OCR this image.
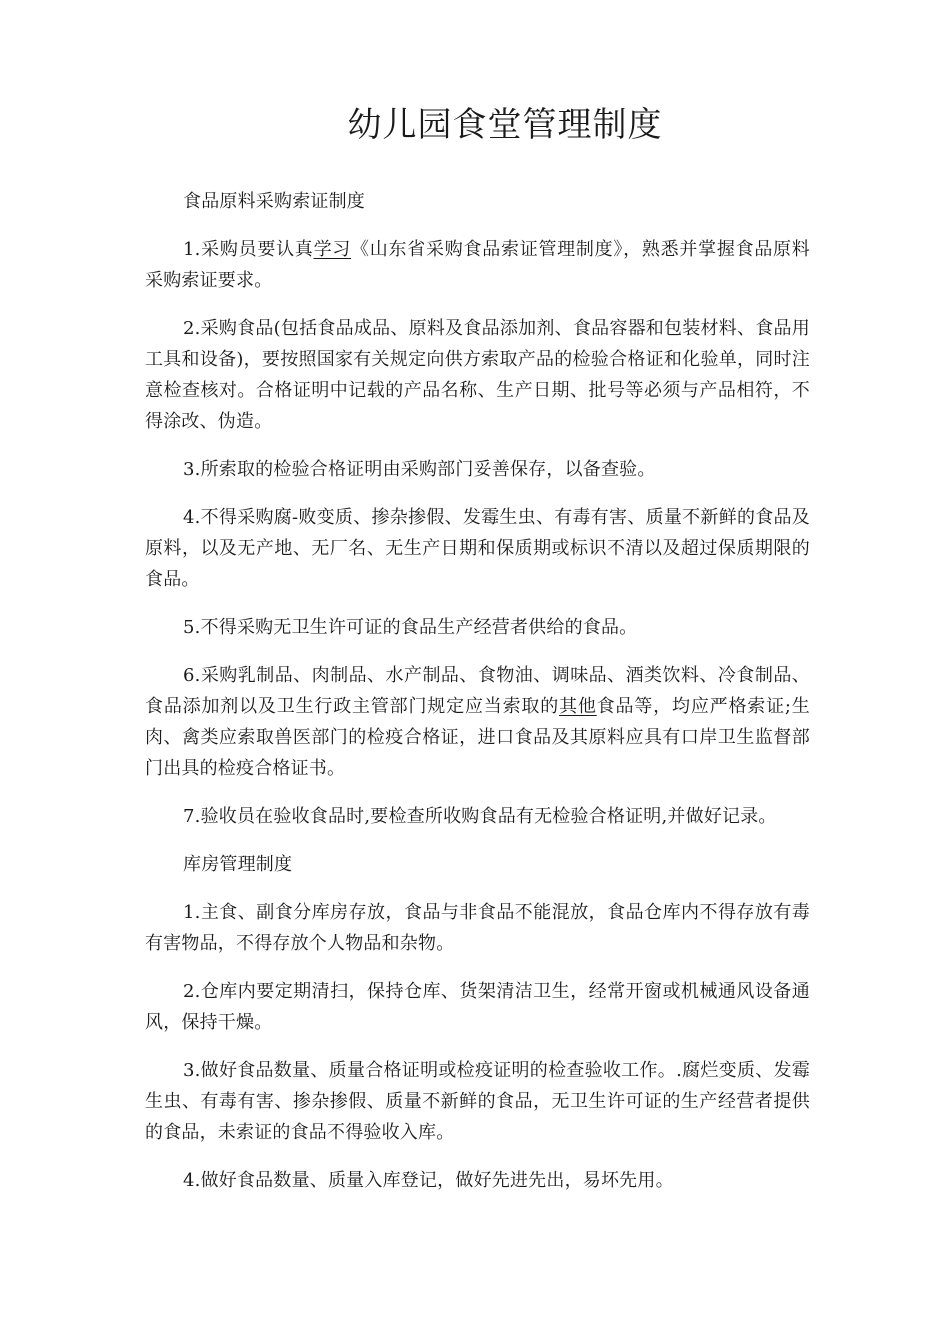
幼儿园食堂管理制度

食品原料采购索证制度

1.采购员要认真学习《山东省采购食品索证管理制度》，熟悉并掌握食品原料采购索证要求。

2.采购食品(包括食品成品、原料及食品添加剂、食品容器和包装材料、食品用工具和设备)，要按照国家有关规定向供方索取产品的检验合格证和化验单，同时注意检查核对。合格证明中记载的产品名称、生产日期、批号等必须与产品相符，不得涂改、伪造。

3.所索取的检验合格证明由采购部门妥善保存，以备查验。

4.不得采购腐-败变质、掺杂掺假、发霉生虫、有毒有害、质量不新鲜的食品及原料，以及无产地、无厂名、无生产日期和保质期或标识不清以及超过保质期限的食品。

5.不得采购无卫生许可证的食品生产经营者供给的食品。

6.采购乳制品、肉制品、水产制品、食物油、调味品、酒类饮料、冷食制品、食品添加剂以及卫生行政主管部门规定应当索取的其他食品等，均应严格索证;生肉、禽类应索取兽医部门的检疫合格证，进口食品及其原料应具有口岸卫生监督部门出具的检疫合格证书。

7.验收员在验收食品时,要检查所收购食品有无检验合格证明,并做好记录。

库房管理制度

1.主食、副食分库房存放，食品与非食品不能混放，食品仓库内不得存放有毒有害物品，不得存放个人物品和杂物。

2.仓库内要定期清扫，保持仓库、货架清洁卫生，经常开窗或机械通风设备通风，保持干燥。

3.做好食品数量、质量合格证明或检疫证明的检查验收工作。.腐烂变质、发霉生虫、有毒有害、掺杂掺假、质量不新鲜的食品，无卫生许可证的生产经营者提供的食品，未索证的食品不得验收入库。

4.做好食品数量、质量入库登记，做好先进先出，易坏先用。
